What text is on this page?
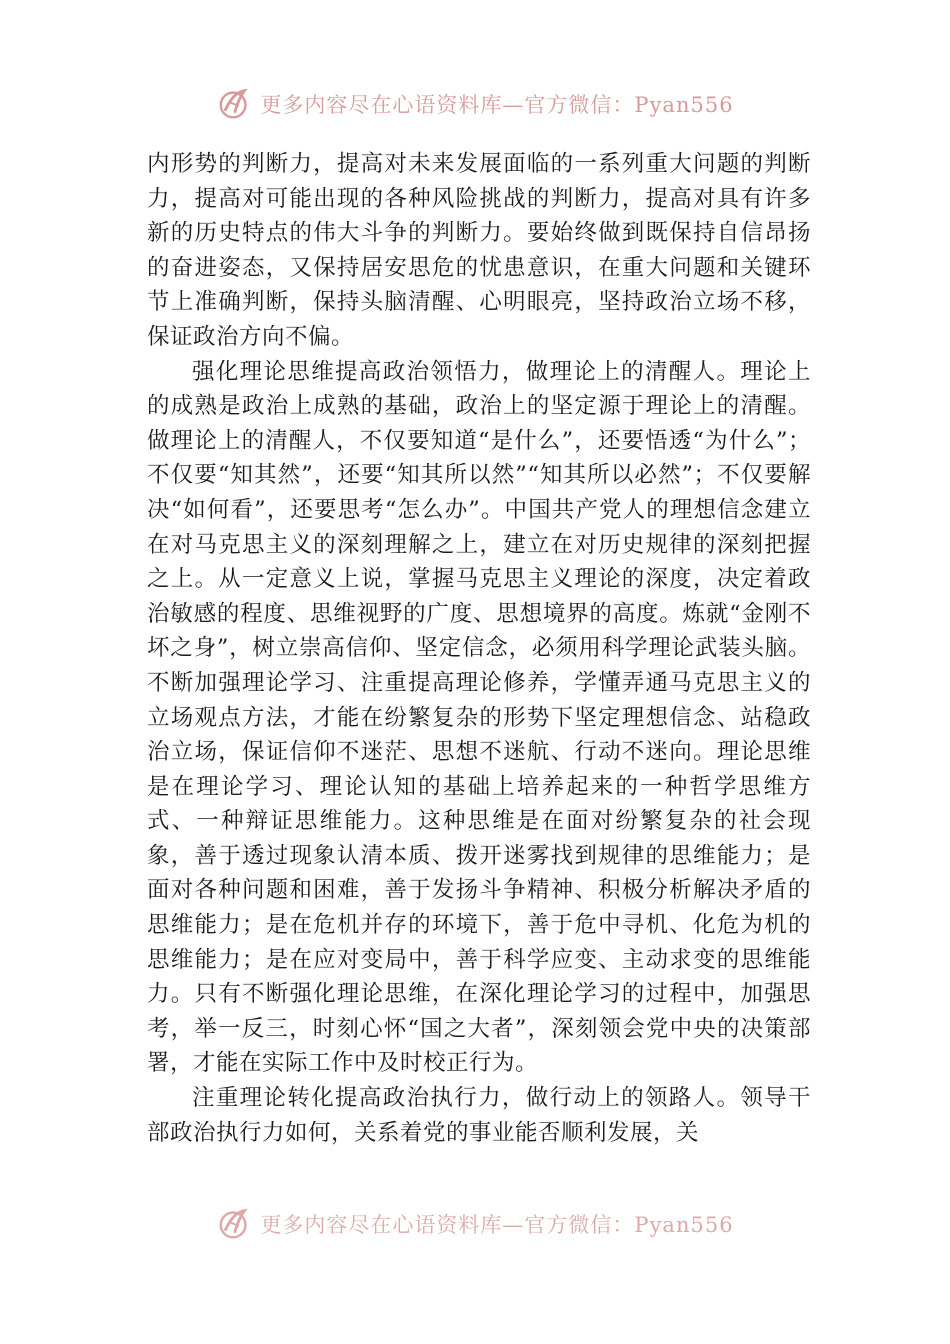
更多内容尽在心语资料库—官方微信：Pyan556

内形势的判断力，提高对未来发展面临的一系列重大问题的判断力，提高对可能出现的各种风险挑战的判断力，提高对具有许多新的历史特点的伟大斗争的判断力。要始终做到既保持自信昂扬的奋进姿态，又保持居安思危的忧患意识，在重大问题和关键环节上准确判断，保持头脑清醒、心明眼亮，坚持政治立场不移，保证政治方向不偏。

强化理论思维提高政治领悟力，做理论上的清醒人。理论上的成熟是政治上成熟的基础，政治上的坚定源于理论上的清醒。做理论上的清醒人，不仅要知道“是什么”，还要悟透“为什么”；不仅要“知其然”，还要“知其所以然”“知其所以必然”；不仅要解决“如何看”，还要思考“怎么办”。中国共产党人的理想信念建立在对马克思主义的深刻理解之上，建立在对历史规律的深刻把握之上。从一定意义上说，掌握马克思主义理论的深度，决定着政治敏感的程度、思维视野的广度、思想境界的高度。炼就“金刚不坏之身”，树立崇高信仰、坚定信念，必须用科学理论武装头脑。不断加强理论学习、注重提高理论修养，学懂弄通马克思主义的立场观点方法，才能在纷繁复杂的形势下坚定理想信念、站稳政治立场，保证信仰不迷茫、思想不迷航、行动不迷向。理论思维是在理论学习、理论认知的基础上培养起来的一种哲学思维方式、一种辩证思维能力。这种思维是在面对纷繁复杂的社会现象，善于透过现象认清本质、拨开迷雾找到规律的思维能力；是面对各种问题和困难，善于发扬斗争精神、积极分析解决矛盾的思维能力；是在危机并存的环境下，善于危中寻机、化危为机的思维能力；是在应对变局中，善于科学应变、主动求变的思维能力。只有不断强化理论思维，在深化理论学习的过程中，加强思考，举一反三，时刻心怀“国之大者”，深刻领会党中央的决策部署，才能在实际工作中及时校正行为。

注重理论转化提高政治执行力，做行动上的领路人。领导干部政治执行力如何，关系着党的事业能否顺利发展，关

更多内容尽在心语资料库—官方微信：Pyan556
